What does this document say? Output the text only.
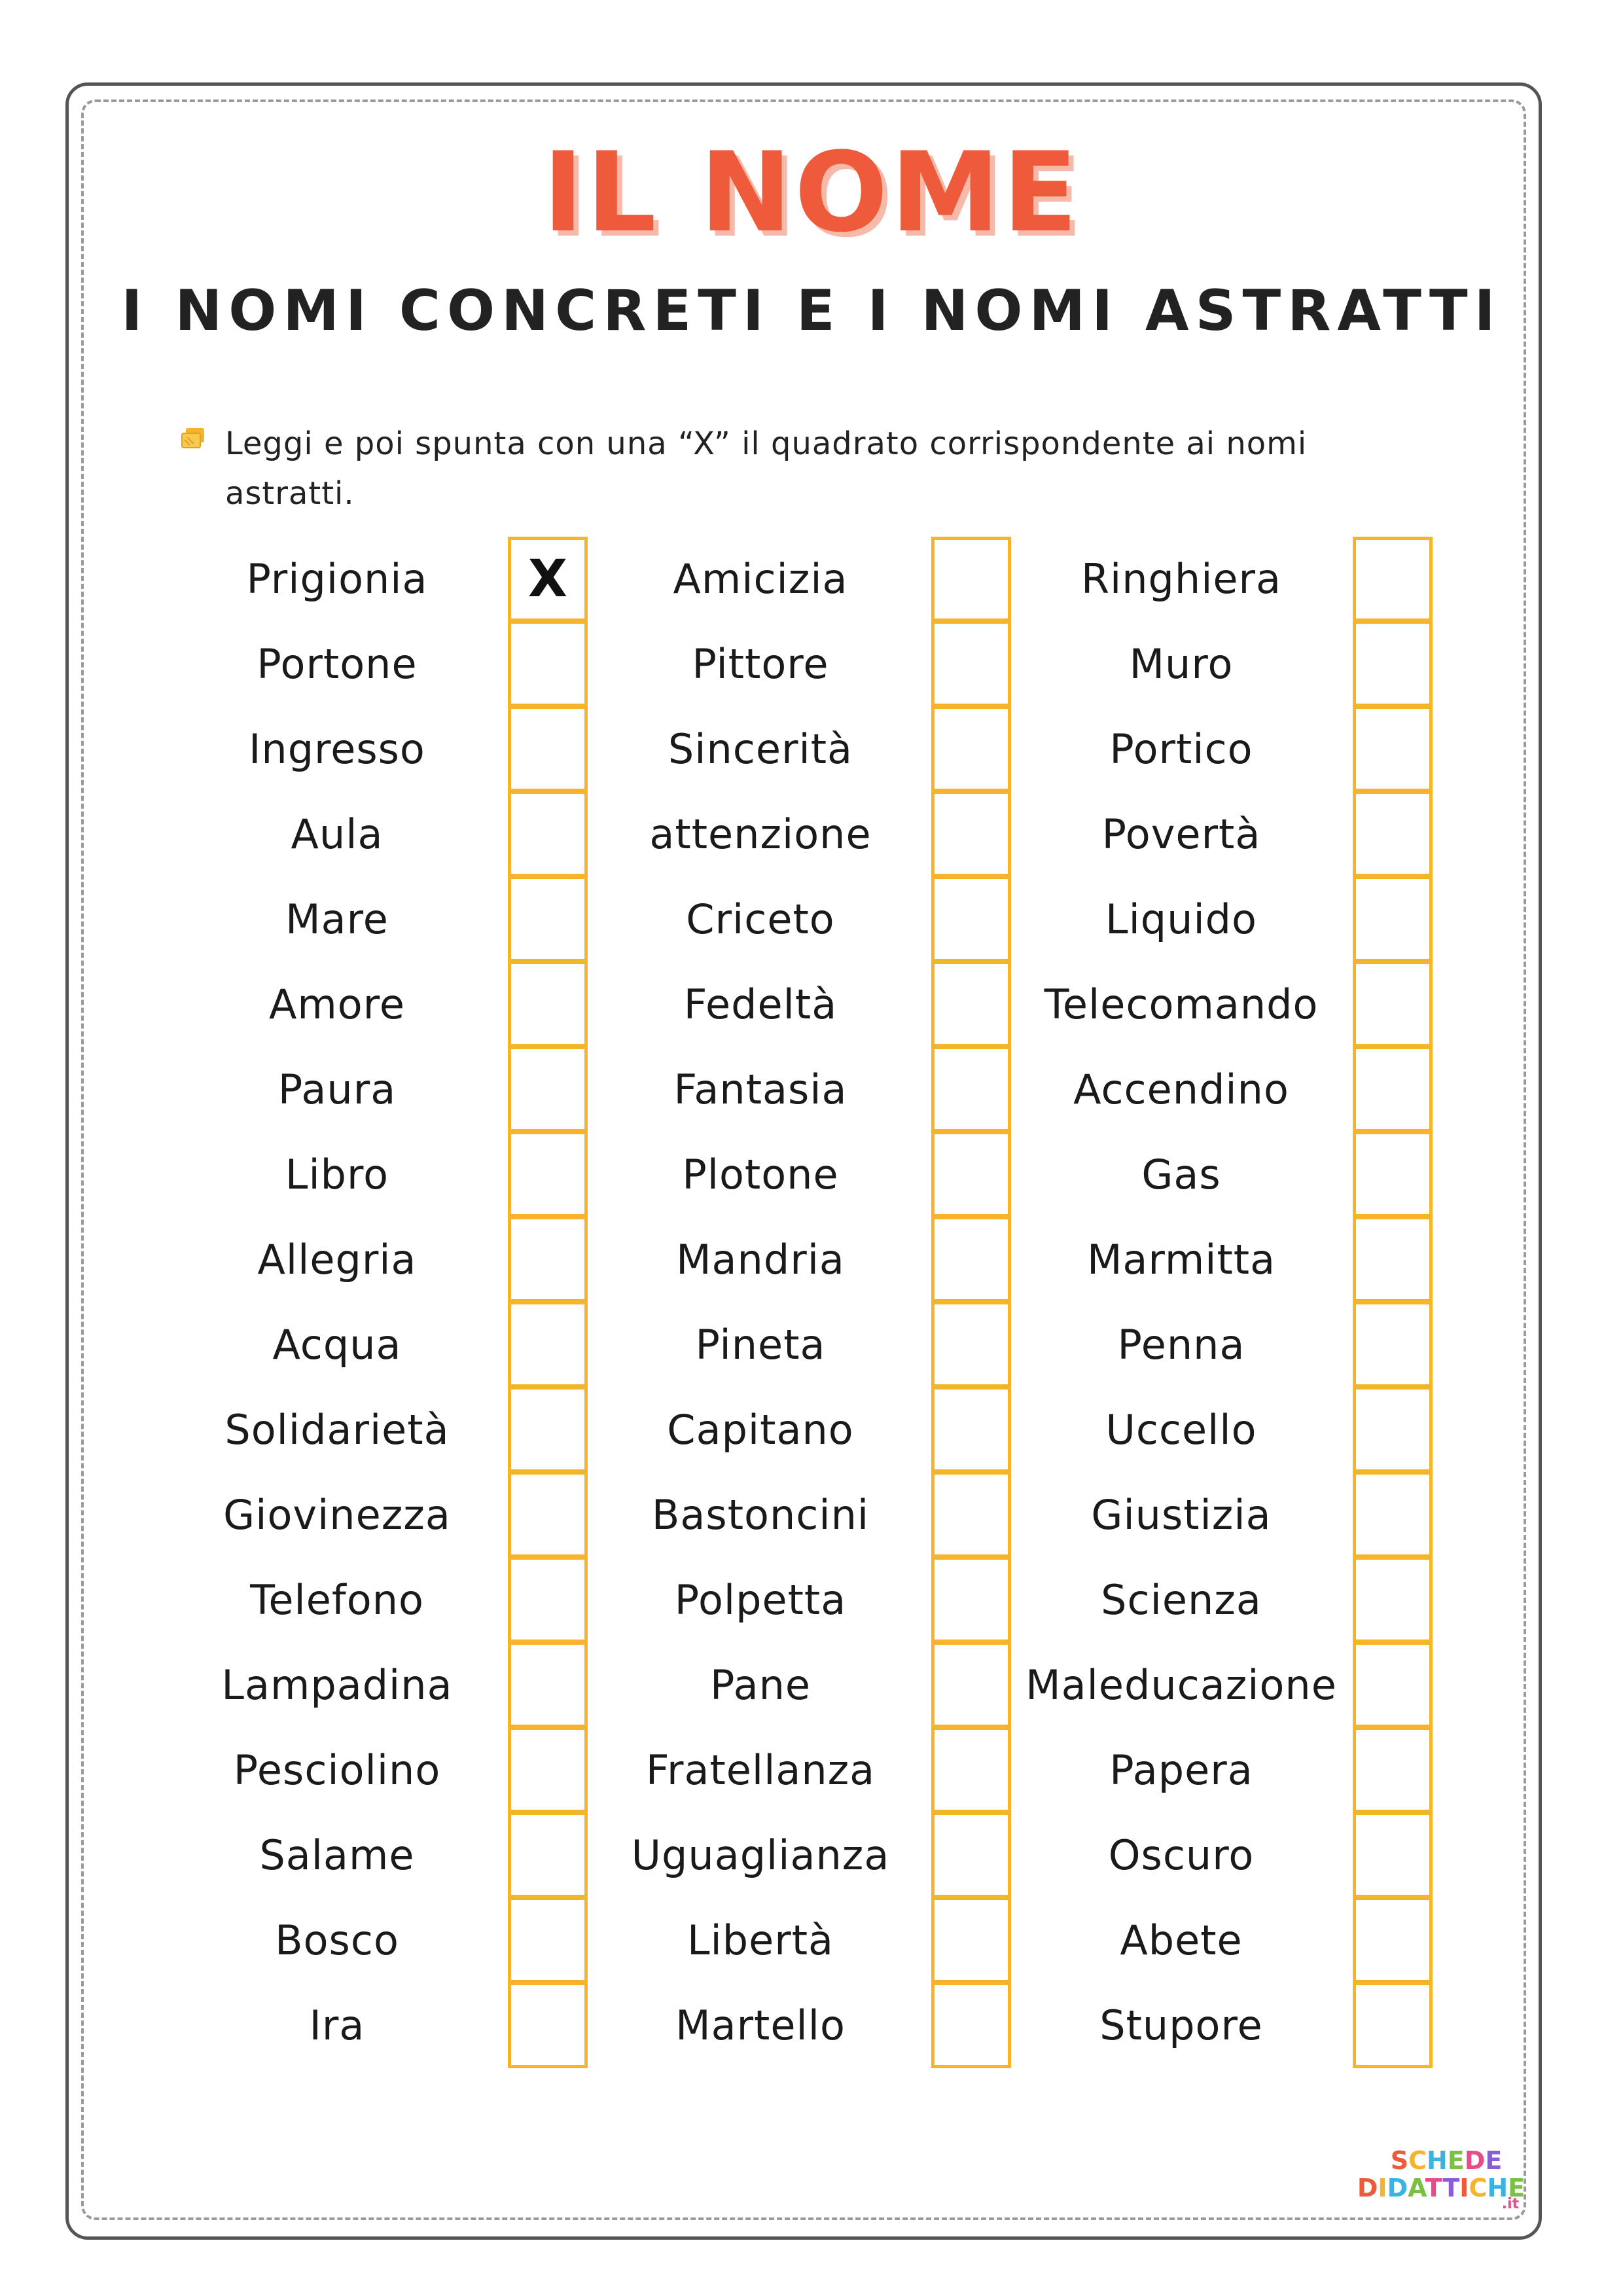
IL NOME
I NOMI CONCRETI E I NOMI ASTRATTI
Leggi e poi spunta con una “X” il quadrato corrispondente ai nomi
astratti.
Prigionia	X
Portone
Ingresso
Aula
Mare
Amore
Paura
Libro
Allegria
Acqua
Solidarietà
Giovinezza
Telefono
Lampadina
Pesciolino
Salame
Bosco
Ira
Amicizia
Pittore
Sincerità
attenzione
Criceto
Fedeltà
Fantasia
Plotone
Mandria
Pineta
Capitano
Bastoncini
Polpetta
Pane
Fratellanza
Uguaglianza
Libertà
Martello
Ringhiera
Muro
Portico
Povertà
Liquido
Telecomando
Accendino
Gas
Marmitta
Penna
Uccello
Giustizia
Scienza
Maleducazione
Papera
Oscuro
Abete
Stupore
SCHEDE
DIDATTICHE
.it
